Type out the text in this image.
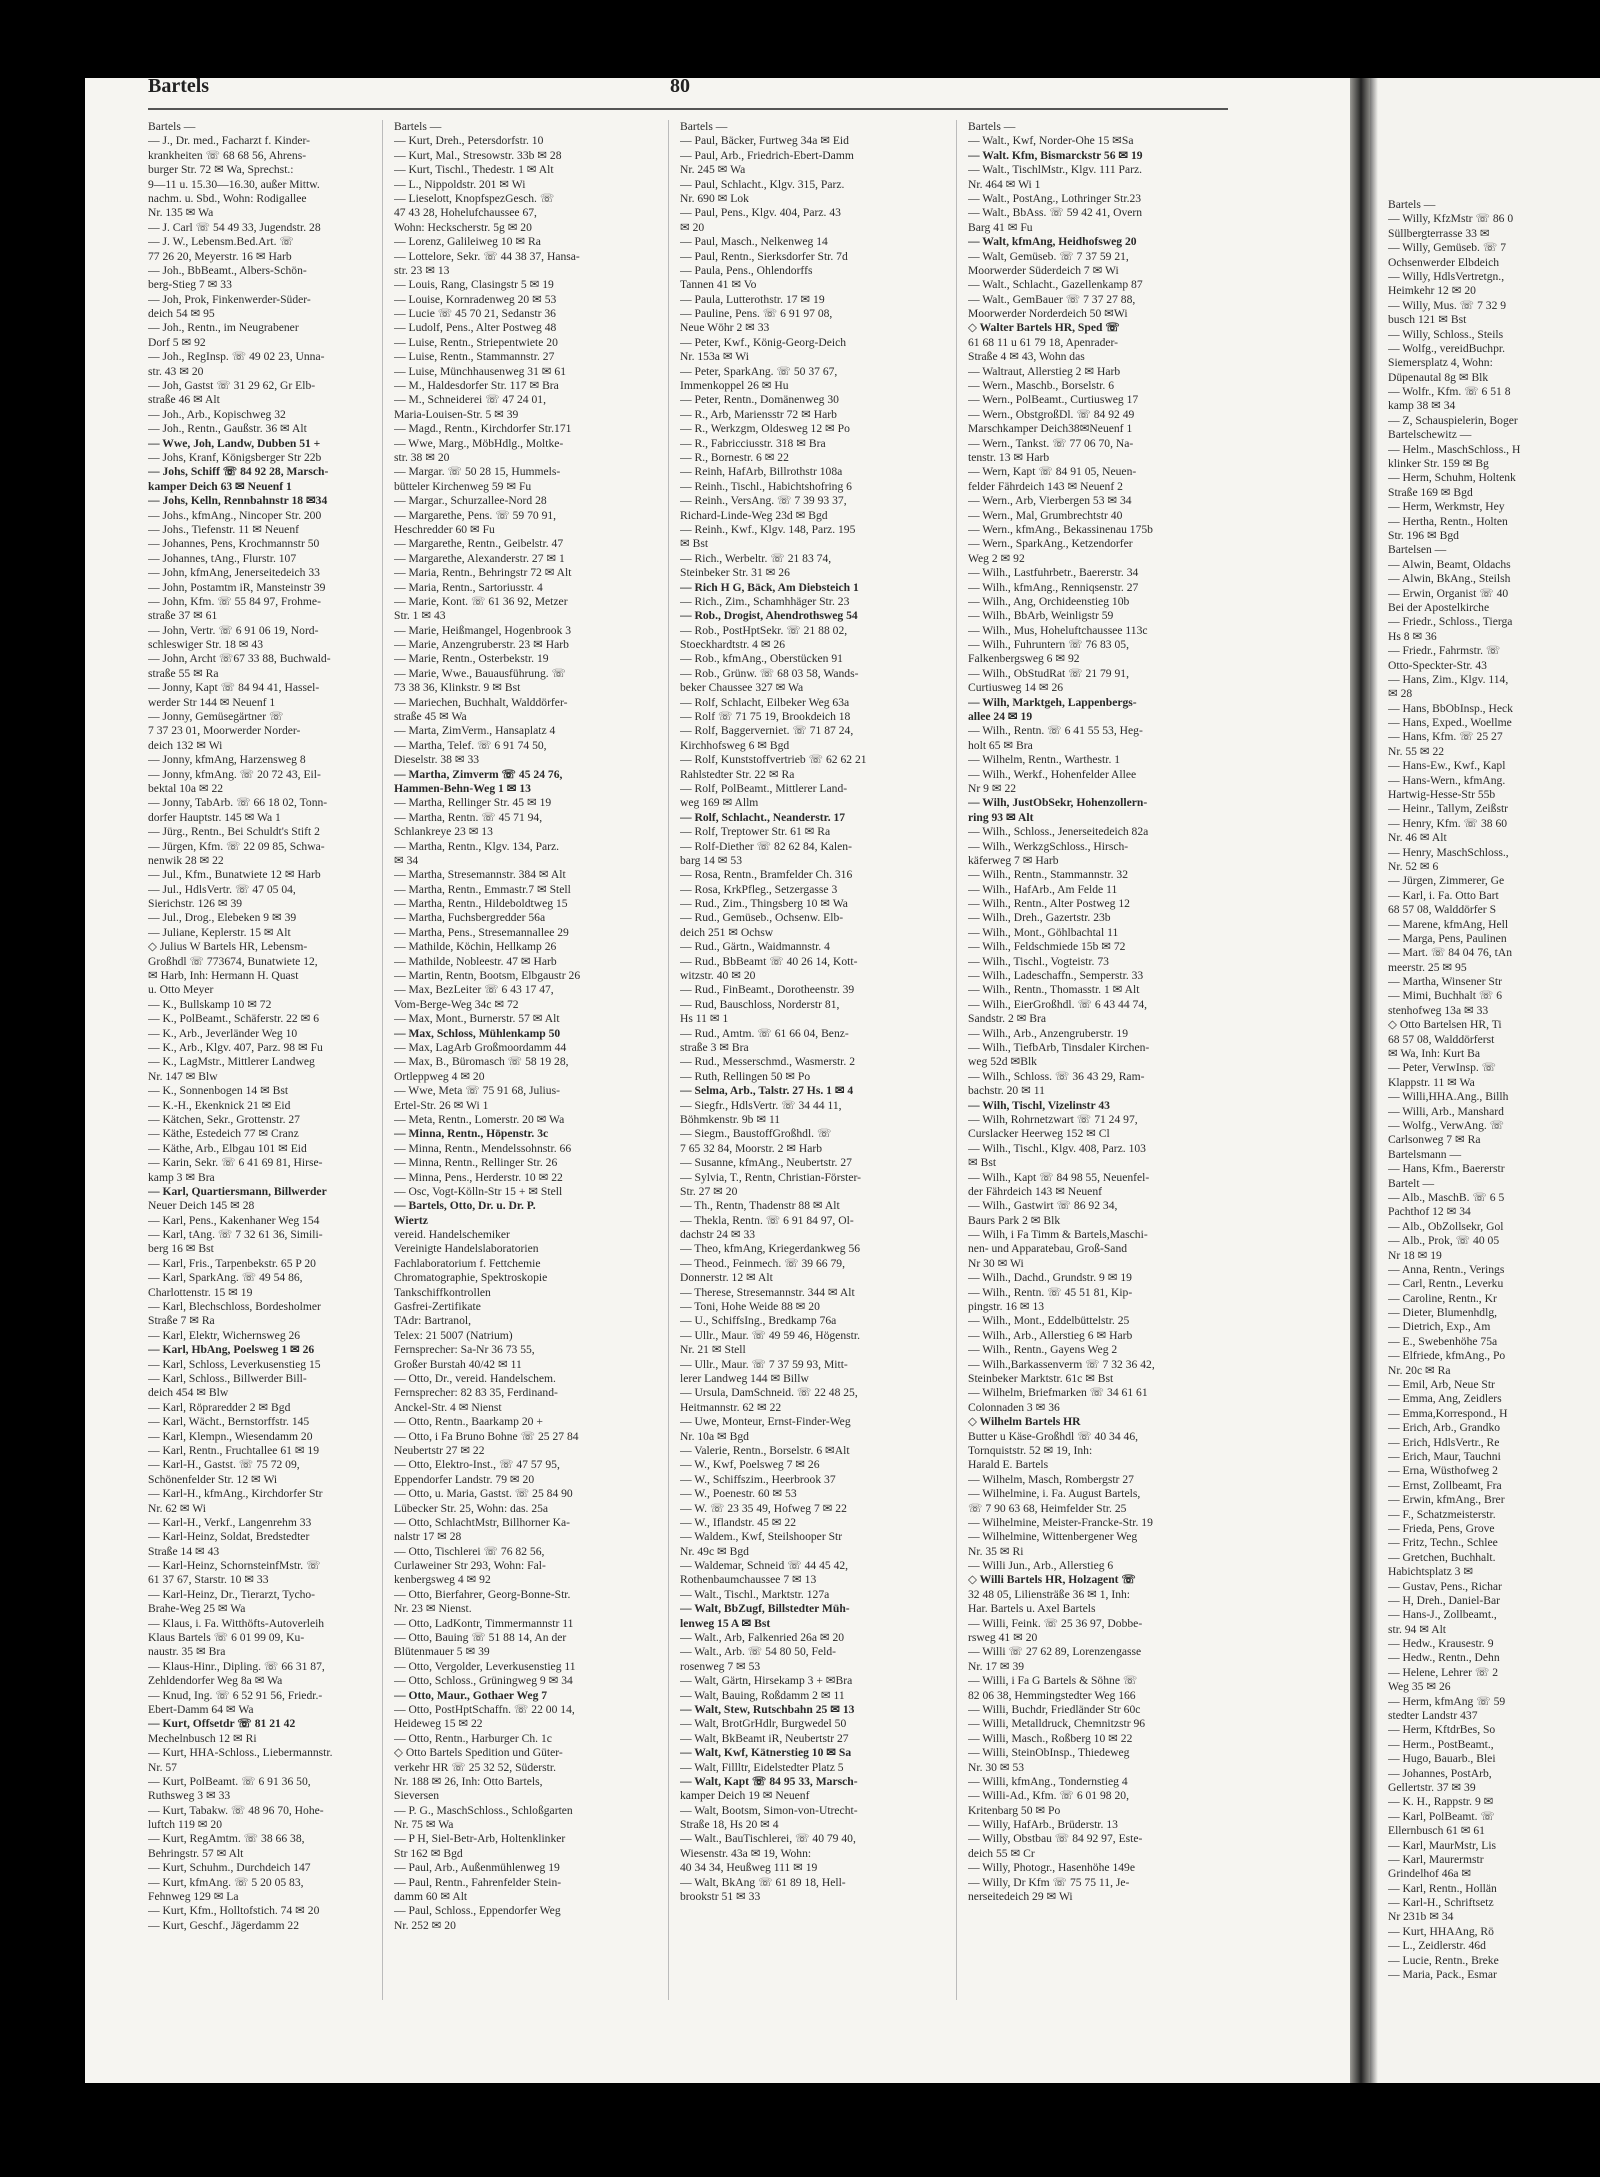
Bartels —
— Willy, KfzMstr ☏ 86 0
Süllbergterrasse 33 ✉
— Willy, Gemüseb. ☏ 7
Ochsenwerder Elbdeich
— Willy, HdlsVertretgn.,
Heimkehr 12 ✉ 20
— Willy, Mus. ☏ 7 32 9
busch 121 ✉ Bst
— Willy, Schloss., Steils
— Wolfg., vereidBuchpr.
Siemersplatz 4, Wohn:
Düpenautal 8g ✉ Blk
— Wolfr., Kfm. ☏ 6 51 8
kamp 38 ✉ 34
— Z, Schauspielerin, Boger
Bartelschewitz —
— Helm., MaschSchloss., H
klinker Str. 159 ✉ Bg
— Herm, Schuhm, Holtenk
Straße 169 ✉ Bgd
— Herm, Werkmstr, Hey
— Hertha, Rentn., Holten
Str. 196 ✉ Bgd
Bartelsen —
— Alwin, Beamt, Oldachs
— Alwin, BkAng., Steilsh
— Erwin, Organist ☏ 40
Bei der Apostelkirche
— Friedr., Schloss., Tierga
Hs 8 ✉ 36
— Friedr., Fahrmstr. ☏
Otto-Speckter-Str. 43
— Hans, Zim., Klgv. 114,
✉ 28
— Hans, BbObInsp., Heck
— Hans, Exped., Woellme
— Hans, Kfm. ☏ 25 27
Nr. 55 ✉ 22
— Hans-Ew., Kwf., Kapl
— Hans-Wern., kfmAng.
Hartwig-Hesse-Str 55b
— Heinr., Tallym, Zeißstr
— Henry, Kfm. ☏ 38 60
Nr. 46 ✉ Alt
— Henry, MaschSchloss.,
Nr. 52 ✉ 6
— Jürgen, Zimmerer, Ge
— Karl, i. Fa. Otto Bart
68 57 08, Walddörfer S
— Marene, kfmAng, Hell
— Marga, Pens, Paulinen
— Mart. ☏ 84 04 76, tAn
meerstr. 25 ✉ 95
— Martha, Winsener Str
— Mimi, Buchhalt ☏ 6
stenhofweg 13a ✉ 33
◇ Otto Bartelsen HR, Ti
68 57 08, Walddörferst
✉ Wa, Inh: Kurt Ba
— Peter, VerwInsp. ☏
Klappstr. 11 ✉ Wa
— Willi,HHA.Ang., Billh
— Willi, Arb., Manshard
— Wolfg., VerwAng. ☏
Carlsonweg 7 ✉ Ra
Bartelsmann —
— Hans, Kfm., Baererstr
Bartelt —
— Alb., MaschB. ☏ 6 5
Pachthof 12 ✉ 34
— Alb., ObZollsekr, Gol
— Alb., Prok, ☏ 40 05
Nr 18 ✉ 19
— Anna, Rentn., Verings
— Carl, Rentn., Leverku
— Caroline, Rentn., Kr
— Dieter, Blumenhdlg,
— Dietrich, Exp., Am
— E., Swebenhöhe 75a
— Elfriede, kfmAng., Po
Nr. 20c ✉ Ra
— Emil, Arb, Neue Str
— Emma, Ang, Zeidlers
— Emma,Korrespond., H
— Erich, Arb., Grandko
— Erich, HdlsVertr., Re
— Erich, Maur, Tauchni
— Erna, Wüsthofweg 2
— Ernst, Zollbeamt, Fra
— Erwin, kfmAng., Brer
— F., Schatzmeisterstr.
— Frieda, Pens, Grove
— Fritz, Techn., Schlee
— Gretchen, Buchhalt.
Habichtsplatz 3 ✉
— Gustav, Pens., Richar
— H, Dreh., Daniel-Bar
— Hans-J., Zollbeamt.,
str. 94 ✉ Alt
— Hedw., Krausestr. 9
— Hedw., Rentn., Dehn
— Helene, Lehrer ☏ 2
Weg 35 ✉ 26
— Herm, kfmAng ☏ 59
stedter Landstr 437
— Herm, KftdrBes, So
— Herm., PostBeamt.,
— Hugo, Bauarb., Blei
— Johannes, PostArb,
Gellertstr. 37 ✉ 39
— K. H., Rappstr. 9 ✉
— Karl, PolBeamt. ☏
Ellernbusch 61 ✉ 61
— Karl, MaurMstr, Lis
— Karl, Maurermstr
Grindelhof 46a ✉
— Karl, Rentn., Hollän
— Karl-H., Schriftsetz
Nr 231b ✉ 34
— Kurt, HHAAng, Rö
— L., Zeidlerstr. 46d
— Lucie, Rentn., Breke
— Maria, Pack., Esmar
Bartels	80
Bartels —
— J., Dr. med., Facharzt f. Kinder-
krankheiten ☏ 68 68 56, Ahrens-
burger Str. 72 ✉ Wa, Sprechst.:
9—11 u. 15.30—16.30, außer Mittw.
nachm. u. Sbd., Wohn: Rodigallee
Nr. 135 ✉ Wa
— J. Carl ☏ 54 49 33, Jugendstr. 28
— J. W., Lebensm.Bed.Art. ☏
77 26 20, Meyerstr. 16 ✉ Harb
— Joh., BbBeamt., Albers-Schön-
berg-Stieg 7 ✉ 33
— Joh, Prok, Finkenwerder-Süder-
deich 54 ✉ 95
— Joh., Rentn., im Neugrabener
Dorf 5 ✉ 92
— Joh., RegInsp. ☏ 49 02 23, Unna-
str. 43 ✉ 20
— Joh, Gastst ☏ 31 29 62, Gr Elb-
straße 46 ✉ Alt
— Joh., Arb., Kopischweg 32
— Joh., Rentn., Gaußstr. 36 ✉ Alt
— Wwe, Joh, Landw, Dubben 51 +
— Johs, Kranf, Königsberger Str 22b
— Johs, Schiff ☏ 84 92 28, Marsch-
kamper Deich 63 ✉ Neuenf 1
— Johs, Kelln, Rennbahnstr 18 ✉34
— Johs., kfmAng., Nincoper Str. 200
— Johs., Tiefenstr. 11 ✉ Neuenf
— Johannes, Pens, Krochmannstr 50
— Johannes, tAng., Flurstr. 107
— John, kfmAng, Jenerseitedeich 33
— John, Postamtm iR, Mansteinstr 39
— John, Kfm. ☏ 55 84 97, Frohme-
straße 37 ✉ 61
— John, Vertr. ☏ 6 91 06 19, Nord-
schleswiger Str. 18 ✉ 43
— John, Archt ☏67 33 88, Buchwald-
straße 55 ✉ Ra
— Jonny, Kapt ☏ 84 94 41, Hassel-
werder Str 144 ✉ Neuenf 1
— Jonny, Gemüsegärtner ☏
7 37 23 01, Moorwerder Norder-
deich 132 ✉ Wi
— Jonny, kfmAng, Harzensweg 8
— Jonny, kfmAng. ☏ 20 72 43, Eil-
bektal 10a ✉ 22
— Jonny, TabArb. ☏ 66 18 02, Tonn-
dorfer Hauptstr. 145 ✉ Wa 1
— Jürg., Rentn., Bei Schuldt's Stift 2
— Jürgen, Kfm. ☏ 22 09 85, Schwa-
nenwik 28 ✉ 22
— Jul., Kfm., Bunatwiete 12 ✉ Harb
— Jul., HdlsVertr. ☏ 47 05 04,
Sierichstr. 126 ✉ 39
— Jul., Drog., Elebeken 9 ✉ 39
— Juliane, Keplerstr. 15 ✉ Alt
◇ Julius W Bartels HR, Lebensm-
Großhdl ☏ 773674, Bunatwiete 12,
✉ Harb, Inh: Hermann H. Quast
u. Otto Meyer
— K., Bullskamp 10 ✉ 72
— K., PolBeamt., Schäferstr. 22 ✉ 6
— K., Arb., Jeverländer Weg 10
— K., Arb., Klgv. 407, Parz. 98 ✉ Fu
— K., LagMstr., Mittlerer Landweg
Nr. 147 ✉ Blw
— K., Sonnenbogen 14 ✉ Bst
— K.-H., Ekenknick 21 ✉ Eid
— Kätchen, Sekr., Grottenstr. 27
— Käthe, Estedeich 77 ✉ Cranz
— Käthe, Arb., Elbgau 101 ✉ Eid
— Karin, Sekr. ☏ 6 41 69 81, Hirse-
kamp 3 ✉ Bra
— Karl, Quartiersmann, Billwerder
Neuer Deich 145 ✉ 28
— Karl, Pens., Kakenhaner Weg 154
— Karl, tAng. ☏ 7 32 61 36, Simili-
berg 16 ✉ Bst
— Karl, Fris., Tarpenbekstr. 65 P 20
— Karl, SparkAng. ☏ 49 54 86,
Charlottenstr. 15 ✉ 19
— Karl, Blechschloss, Bordesholmer
Straße 7 ✉ Ra
— Karl, Elektr, Wichernsweg 26
— Karl, HbAng, Poelsweg 1 ✉ 26
— Karl, Schloss, Leverkusenstieg 15
— Karl, Schloss., Billwerder Bill-
deich 454 ✉ Blw
— Karl, Röpraredder 2 ✉ Bgd
— Karl, Wächt., Bernstorffstr. 145
— Karl, Klempn., Wiesendamm 20
— Karl, Rentn., Fruchtallee 61 ✉ 19
— Karl-H., Gastst. ☏ 75 72 09,
Schönenfelder Str. 12 ✉ Wi
— Karl-H., kfmAng., Kirchdorfer Str
Nr. 62 ✉ Wi
— Karl-H., Verkf., Langenrehm 33
— Karl-Heinz, Soldat, Bredstedter
Straße 14 ✉ 43
— Karl-Heinz, SchornsteinfMstr. ☏
61 37 67, Starstr. 10 ✉ 33
— Karl-Heinz, Dr., Tierarzt, Tycho-
Brahe-Weg 25 ✉ Wa
— Klaus, i. Fa. Witthöfts-Autoverleih
Klaus Bartels ☏ 6 01 99 09, Ku-
naustr. 35 ✉ Bra
— Klaus-Hinr., Dipling. ☏ 66 31 87,
Zehldendorfer Weg 8a ✉ Wa
— Knud, Ing. ☏ 6 52 91 56, Friedr.-
Ebert-Damm 64 ✉ Wa
— Kurt, Offsetdr ☏ 81 21 42
Mechelnbusch 12 ✉ Ri
— Kurt, HHA-Schloss., Liebermannstr.
Nr. 57
— Kurt, PolBeamt. ☏ 6 91 36 50,
Ruthsweg 3 ✉ 33
— Kurt, Tabakw. ☏ 48 96 70, Hohe-
luftch 119 ✉ 20
— Kurt, RegAmtm. ☏ 38 66 38,
Behringstr. 57 ✉ Alt
— Kurt, Schuhm., Durchdeich 147
— Kurt, kfmAng. ☏ 5 20 05 83,
Fehnweg 129 ✉ La
— Kurt, Kfm., Holltofstich. 74 ✉ 20
— Kurt, Geschf., Jägerdamm 22
Bartels —
— Kurt, Dreh., Petersdorfstr. 10
— Kurt, Mal., Stresowstr. 33b ✉ 28
— Kurt, Tischl., Thedestr. 1 ✉ Alt
— L., Nippoldstr. 201 ✉ Wi
— Lieselott, KnopfspezGesch. ☏
47 43 28, Hohelufchaussee 67,
Wohn: Heckscherstr. 5g ✉ 20
— Lorenz, Galileiweg 10 ✉ Ra
— Lottelore, Sekr. ☏ 44 38 37, Hansa-
str. 23 ✉ 13
— Louis, Rang, Clasingstr 5 ✉ 19
— Louise, Kornradenweg 20 ✉ 53
— Lucie ☏ 45 70 21, Sedanstr 36
— Ludolf, Pens., Alter Postweg 48
— Luise, Rentn., Striepentwiete 20
— Luise, Rentn., Stammannstr. 27
— Luise, Münchhausenweg 31 ✉ 61
— M., Haldesdorfer Str. 117 ✉ Bra
— M., Schneiderei ☏ 47 24 01,
Maria-Louisen-Str. 5 ✉ 39
— Magd., Rentn., Kirchdorfer Str.171
— Wwe, Marg., MöbHdlg., Moltke-
str. 38 ✉ 20
— Margar. ☏ 50 28 15, Hummels-
bütteler Kirchenweg 59 ✉ Fu
— Margar., Schurzallee-Nord 28
— Margarethe, Pens. ☏ 59 70 91,
Heschredder 60 ✉ Fu
— Margarethe, Rentn., Geibelstr. 47
— Margarethe, Alexanderstr. 27 ✉ 1
— Maria, Rentn., Behringstr 72 ✉ Alt
— Maria, Rentn., Sartoriusstr. 4
— Marie, Kont. ☏ 61 36 92, Metzer
Str. 1 ✉ 43
— Marie, Heißmangel, Hogenbrook 3
— Marie, Anzengruberstr. 23 ✉ Harb
— Marie, Rentn., Osterbekstr. 19
— Marie, Wwe., Bauausführung. ☏
73 38 36, Klinkstr. 9 ✉ Bst
— Mariechen, Buchhalt, Walddörfer-
straße 45 ✉ Wa
— Marta, ZimVerm., Hansaplatz 4
— Martha, Telef. ☏ 6 91 74 50,
Dieselstr. 38 ✉ 33
— Martha, Zimverm ☏ 45 24 76,
Hammen-Behn-Weg 1 ✉ 13
— Martha, Rellinger Str. 45 ✉ 19
— Martha, Rentn. ☏ 45 71 94,
Schlankreye 23 ✉ 13
— Martha, Rentn., Klgv. 134, Parz.
✉ 34
— Martha, Stresemannstr. 384 ✉ Alt
— Martha, Rentn., Emmastr.7 ✉ Stell
— Martha, Rentn., Hildeboldtweg 15
— Martha, Fuchsbergredder 56a
— Martha, Pens., Stresemannallee 29
— Mathilde, Köchin, Hellkamp 26
— Mathilde, Nobleestr. 47 ✉ Harb
— Martin, Rentn, Bootsm, Elbgaustr 26
— Max, BezLeiter ☏ 6 43 17 47,
Vom-Berge-Weg 34c ✉ 72
— Max, Mont., Burnerstr. 57 ✉ Alt
— Max, Schloss, Mühlenkamp 50
— Max, LagArb Großmoordamm 44
— Max, B., Büromasch ☏ 58 19 28,
Ortleppweg 4 ✉ 20
— Wwe, Meta ☏ 75 91 68, Julius-
Ertel-Str. 26 ✉ Wi 1
— Meta, Rentn., Lomerstr. 20 ✉ Wa
— Minna, Rentn., Höpenstr. 3c
— Minna, Rentn., Mendelssohnstr. 66
— Minna, Rentn., Rellinger Str. 26
— Minna, Pens., Herderstr. 10 ✉ 22
— Osc, Vogt-Kölln-Str 15 + ✉ Stell
— Bartels, Otto, Dr. u. Dr. P.
Wiertz
vereid. Handelschemiker
Vereinigte Handelslaboratorien
Fachlaboratorium f. Fettchemie
Chromatographie, Spektroskopie
Tankschiffkontrollen
Gasfrei-Zertifikate
TAdr: Bartranol,
Telex: 21 5007 (Natrium)
Fernsprecher: Sa-Nr 36 73 55,
Großer Burstah 40/42 ✉ 11
— Otto, Dr., vereid. Handelschem.
Fernsprecher: 82 83 35, Ferdinand-
Anckel-Str. 4 ✉ Nienst
— Otto, Rentn., Baarkamp 20 +
— Otto, i Fa Bruno Bohne ☏ 25 27 84
Neubertstr 27 ✉ 22
— Otto, Elektro-Inst., ☏ 47 57 95,
Eppendorfer Landstr. 79 ✉ 20
— Otto, u. Maria, Gastst. ☏ 25 84 90
Lübecker Str. 25, Wohn: das. 25a
— Otto, SchlachtMstr, Billhorner Ka-
nalstr 17 ✉ 28
— Otto, Tischlerei ☏ 76 82 56,
Curlaweiner Str 293, Wohn: Fal-
kenbergsweg 4 ✉ 92
— Otto, Bierfahrer, Georg-Bonne-Str.
Nr. 23 ✉ Nienst.
— Otto, LadKontr, Timmermannstr 11
— Otto, Bauing ☏ 51 88 14, An der
Blütenmauer 5 ✉ 39
— Otto, Vergolder, Leverkusenstieg 11
— Otto, Schloss., Grüningweg 9 ✉ 34
— Otto, Maur., Gothaer Weg 7
— Otto, PostHptSchaffn. ☏ 22 00 14,
Heideweg 15 ✉ 22
— Otto, Rentn., Harburger Ch. 1c
◇ Otto Bartels Spedition und Güter-
verkehr HR ☏ 25 32 52, Süderstr.
Nr. 188 ✉ 26, Inh: Otto Bartels,
Sieversen
— P. G., MaschSchloss., Schloßgarten
Nr. 75 ✉ Wa
— P H, Siel-Betr-Arb, Holtenklinker
Str 162 ✉ Bgd
— Paul, Arb., Außenmühlenweg 19
— Paul, Rentn., Fahrenfelder Stein-
damm 60 ✉ Alt
— Paul, Schloss., Eppendorfer Weg
Nr. 252 ✉ 20
Bartels —
— Paul, Bäcker, Furtweg 34a ✉ Eid
— Paul, Arb., Friedrich-Ebert-Damm
Nr. 245 ✉ Wa
— Paul, Schlacht., Klgv. 315, Parz.
Nr. 690 ✉ Lok
— Paul, Pens., Klgv. 404, Parz. 43
✉ 20
— Paul, Masch., Nelkenweg 14
— Paul, Rentn., Sierksdorfer Str. 7d
— Paula, Pens., Ohlendorffs
Tannen 41 ✉ Vo
— Paula, Lutterothstr. 17 ✉ 19
— Pauline, Pens. ☏ 6 91 97 08,
Neue Wöhr 2 ✉ 33
— Peter, Kwf., König-Georg-Deich
Nr. 153a ✉ Wi
— Peter, SparkAng. ☏ 50 37 67,
Immenkoppel 26 ✉ Hu
— Peter, Rentn., Domänenweg 30
— R., Arb, Mariensstr 72 ✉ Harb
— R., Werkzgm, Oldesweg 12 ✉ Po
— R., Fabricciusstr. 318 ✉ Bra
— R., Bornestr. 6 ✉ 22
— Reinh, HafArb, Billrothstr 108a
— Reinh., Tischl., Habichtshofring 6
— Reinh., VersAng. ☏ 7 39 93 37,
Richard-Linde-Weg 23d ✉ Bgd
— Reinh., Kwf., Klgv. 148, Parz. 195
✉ Bst
— Rich., Werbeltr. ☏ 21 83 74,
Steinbeker Str. 31 ✉ 26
— Rich H G, Bäck, Am Diebsteich 1
— Rich., Zim., Schamhhäger Str. 23
— Rob., Drogist, Ahendrothsweg 54
— Rob., PostHptSekr. ☏ 21 88 02,
Stoeckhardtstr. 4 ✉ 26
— Rob., kfmAng., Oberstücken 91
— Rob., Grünw. ☏ 68 03 58, Wands-
beker Chaussee 327 ✉ Wa
— Rolf, Schlacht, Eilbeker Weg 63a
— Rolf ☏ 71 75 19, Brookdeich 18
— Rolf, Baggerverniet. ☏ 71 87 24,
Kirchhofsweg 6 ✉ Bgd
— Rolf, Kunststoffvertrieb ☏ 62 62 21
Rahlstedter Str. 22 ✉ Ra
— Rolf, PolBeamt., Mittlerer Land-
weg 169 ✉ Allm
— Rolf, Schlacht., Neanderstr. 17
— Rolf, Treptower Str. 61 ✉ Ra
— Rolf-Diether ☏ 82 62 84, Kalen-
barg 14 ✉ 53
— Rosa, Rentn., Bramfelder Ch. 316
— Rosa, KrkPfleg., Setzergasse 3
— Rud., Zim., Thingsberg 10 ✉ Wa
— Rud., Gemüseb., Ochsenw. Elb-
deich 251 ✉ Ochsw
— Rud., Gärtn., Waidmannstr. 4
— Rud., BbBeamt ☏ 40 26 14, Kott-
witzstr. 40 ✉ 20
— Rud., FinBeamt., Dorotheenstr. 39
— Rud, Bauschloss, Norderstr 81,
Hs 11 ✉ 1
— Rud., Amtm. ☏ 61 66 04, Benz-
straße 3 ✉ Bra
— Rud., Messerschmd., Wasmerstr. 2
— Ruth, Rellingen 50 ✉ Po
— Selma, Arb., Talstr. 27 Hs. 1 ✉ 4
— Siegfr., HdlsVertr. ☏ 34 44 11,
Böhmkenstr. 9b ✉ 11
— Siegm., BaustoffGroßhdl. ☏
7 65 32 84, Moorstr. 2 ✉ Harb
— Susanne, kfmAng., Neubertstr. 27
— Sylvia, T., Rentn, Christian-Förster-
Str. 27 ✉ 20
— Th., Rentn, Thadenstr 88 ✉ Alt
— Thekla, Rentn. ☏ 6 91 84 97, Ol-
dachstr 24 ✉ 33
— Theo, kfmAng, Kriegerdankweg 56
— Theod., Feinmech. ☏ 39 66 79,
Donnerstr. 12 ✉ Alt
— Therese, Stresemannstr. 344 ✉ Alt
— Toni, Hohe Weide 88 ✉ 20
— U., SchiffsIng., Bredkamp 76a
— Ullr., Maur. ☏ 49 59 46, Högenstr.
Nr. 21 ✉ Stell
— Ullr., Maur. ☏ 7 37 59 93, Mitt-
lerer Landweg 144 ✉ Billw
— Ursula, DamSchneid. ☏ 22 48 25,
Heitmannstr. 62 ✉ 22
— Uwe, Monteur, Ernst-Finder-Weg
Nr. 10a ✉ Bgd
— Valerie, Rentn., Borselstr. 6 ✉Alt
— W., Kwf, Poelsweg 7 ✉ 26
— W., Schiffszim., Heerbrook 37
— W., Poenestr. 60 ✉ 53
— W. ☏ 23 35 49, Hofweg 7 ✉ 22
— W., Iflandstr. 45 ✉ 22
— Waldem., Kwf, Steilshooper Str
Nr. 49c ✉ Bgd
— Waldemar, Schneid ☏ 44 45 42,
Rothenbaumchaussee 7 ✉ 13
— Walt., Tischl., Marktstr. 127a
— Walt, BbZugf, Billstedter Müh-
lenweg 15 A ✉ Bst
— Walt., Arb, Falkenried 26a ✉ 20
— Walt., Arb. ☏ 54 80 50, Feld-
rosenweg 7 ✉ 53
— Walt, Gärtn, Hirsekamp 3 + ✉Bra
— Walt, Bauing, Roßdamm 2 ✉ 11
— Walt, Stew, Rutschbahn 25 ✉ 13
— Walt, BrotGrHdlr, Burgwedel 50
— Walt, BkBeamt iR, Neubertstr 27
— Walt, Kwf, Kätnerstieg 10 ✉ Sa
— Walt, Fillltr, Eidelstedter Platz 5
— Walt, Kapt ☏ 84 95 33, Marsch-
kamper Deich 19 ✉ Neuenf
— Walt, Bootsm, Simon-von-Utrecht-
Straße 18, Hs 20 ✉ 4
— Walt., BauTischlerei, ☏ 40 79 40,
Wiesenstr. 43a ✉ 19, Wohn:
40 34 34, Heußweg 111 ✉ 19
— Walt, BkAng ☏ 61 89 18, Hell-
brookstr 51 ✉ 33
Bartels —
— Walt., Kwf, Norder-Ohe 15 ✉Sa
— Walt. Kfm, Bismarckstr 56 ✉ 19
— Walt., TischlMstr., Klgv. 111 Parz.
Nr. 464 ✉ Wi 1
— Walt., PostAng., Lothringer Str.23
— Walt., BbAss. ☏ 59 42 41, Overn
Barg 41 ✉ Fu
— Walt, kfmAng, Heidhofsweg 20
— Walt, Gemüseb. ☏ 7 37 59 21,
Moorwerder Süderdeich 7 ✉ Wi
— Walt., Schlacht., Gazellenkamp 87
— Walt., GemBauer ☏ 7 37 27 88,
Moorwerder Norderdeich 50 ✉Wi
◇ Walter Bartels HR, Sped ☏
61 68 11 u 61 79 18, Apenrader-
Straße 4 ✉ 43, Wohn das
— Waltraut, Allerstieg 2 ✉ Harb
— Wern., Maschb., Borselstr. 6
— Wern., PolBeamt., Curtiusweg 17
— Wern., ObstgroßDl. ☏ 84 92 49
Marschkamper Deich38✉Neuenf 1
— Wern., Tankst. ☏ 77 06 70, Na-
tenstr. 13 ✉ Harb
— Wern, Kapt ☏ 84 91 05, Neuen-
felder Fährdeich 143 ✉ Neuenf 2
— Wern., Arb, Vierbergen 53 ✉ 34
— Wern., Mal, Grumbrechtstr 40
— Wern., kfmAng., Bekassinenau 175b
— Wern., SparkAng., Ketzendorfer
Weg 2 ✉ 92
— Wilh., Lastfuhrbetr., Baererstr. 34
— Wilh., kfmAng., Renniqsenstr. 27
— Wilh., Ang, Orchideenstieg 10b
— Wilh., BbArb, Weinligstr 59
— Wilh., Mus, Hoheluftchaussee 113c
— Wilh., Fuhruntern ☏ 76 83 05,
Falkenbergsweg 6 ✉ 92
— Wilh., ObStudRat ☏ 21 79 91,
Curtiusweg 14 ✉ 26
— Wilh, Marktgeh, Lappenbergs-
allee 24 ✉ 19
— Wilh., Rentn. ☏ 6 41 55 53, Heg-
holt 65 ✉ Bra
— Wilhelm, Rentn., Warthestr. 1
— Wilh., Werkf., Hohenfelder Allee
Nr 9 ✉ 22
— Wilh, JustObSekr, Hohenzollern-
ring 93 ✉ Alt
— Wilh., Schloss., Jenerseitedeich 82a
— Wilh., WerkzgSchloss., Hirsch-
käferweg 7 ✉ Harb
— Wilh., Rentn., Stammannstr. 32
— Wilh., HafArb., Am Felde 11
— Wilh., Rentn., Alter Postweg 12
— Wilh., Dreh., Gazertstr. 23b
— Wilh., Mont., Göhlbachtal 11
— Wilh., Feldschmiede 15b ✉ 72
— Wilh., Tischl., Vogteistr. 73
— Wilh., Ladeschaffn., Semperstr. 33
— Wilh., Rentn., Thomasstr. 1 ✉ Alt
— Wilh., EierGroßhdl. ☏ 6 43 44 74,
Sandstr. 2 ✉ Bra
— Wilh., Arb., Anzengruberstr. 19
— Wilh., TiefbArb, Tinsdaler Kirchen-
weg 52d ✉Blk
— Wilh., Schloss. ☏ 36 43 29, Ram-
bachstr. 20 ✉ 11
— Wilh, Tischl, Vizelinstr 43
— Wilh, Rohrnetzwart ☏ 71 24 97,
Curslacker Heerweg 152 ✉ Cl
— Wilh., Tischl., Klgv. 408, Parz. 103
✉ Bst
— Wilh., Kapt ☏ 84 98 55, Neuenfel-
der Fährdeich 143 ✉ Neuenf
— Wilh., Gastwirt ☏ 86 92 34,
Baurs Park 2 ✉ Blk
— Wilh, i Fa Timm & Bartels,Maschi-
nen- und Apparatebau, Groß-Sand
Nr 30 ✉ Wi
— Wilh., Dachd., Grundstr. 9 ✉ 19
— Wilh., Rentn. ☏ 45 51 81, Kip-
pingstr. 16 ✉ 13
— Wilh., Mont., Eddelbüttelstr. 25
— Wilh., Arb., Allerstieg 6 ✉ Harb
— Wilh., Rentn., Gayens Weg 2
— Wilh.,Barkassenverm ☏ 7 32 36 42,
Steinbeker Marktstr. 61c ✉ Bst
— Wilhelm, Briefmarken ☏ 34 61 61
Colonnaden 3 ✉ 36
◇ Wilhelm Bartels HR
Butter u Käse-Großhdl ☏ 40 34 46,
Tornquiststr. 52 ✉ 19, Inh:
Harald E. Bartels
— Wilhelm, Masch, Rombergstr 27
— Wilhelmine, i. Fa. August Bartels,
☏ 7 90 63 68, Heimfelder Str. 25
— Wilhelmine, Meister-Francke-Str. 19
— Wilhelmine, Wittenbergener Weg
Nr. 35 ✉ Ri
— Willi Jun., Arb., Allerstieg 6
◇ Willi Bartels HR, Holzagent ☏
32 48 05, Liliensträße 36 ✉ 1, Inh:
Har. Bartels u. Axel Bartels
— Willi, Feink. ☏ 25 36 97, Dobbe-
rsweg 41 ✉ 20
— Willi ☏ 27 62 89, Lorenzengasse
Nr. 17 ✉ 39
— Willi, i Fa G Bartels & Söhne ☏
82 06 38, Hemmingstedter Weg 166
— Willi, Buchdr, Friedländer Str 60c
— Willi, Metalldruck, Chemnitzstr 96
— Willi, Masch., Roßberg 10 ✉ 22
— Willi, SteinObInsp., Thiedeweg
Nr. 30 ✉ 53
— Willi, kfmAng., Tondernstieg 4
— Willi-Ad., Kfm. ☏ 6 01 98 20,
Kritenbarg 50 ✉ Po
— Willy, HafArb., Brüderstr. 13
— Willy, Obstbau ☏ 84 92 97, Este-
deich 55 ✉ Cr
— Willy, Photogr., Hasenhöhe 149e
— Willy, Dr Kfm ☏ 75 75 11, Je-
nerseitedeich 29 ✉ Wi
